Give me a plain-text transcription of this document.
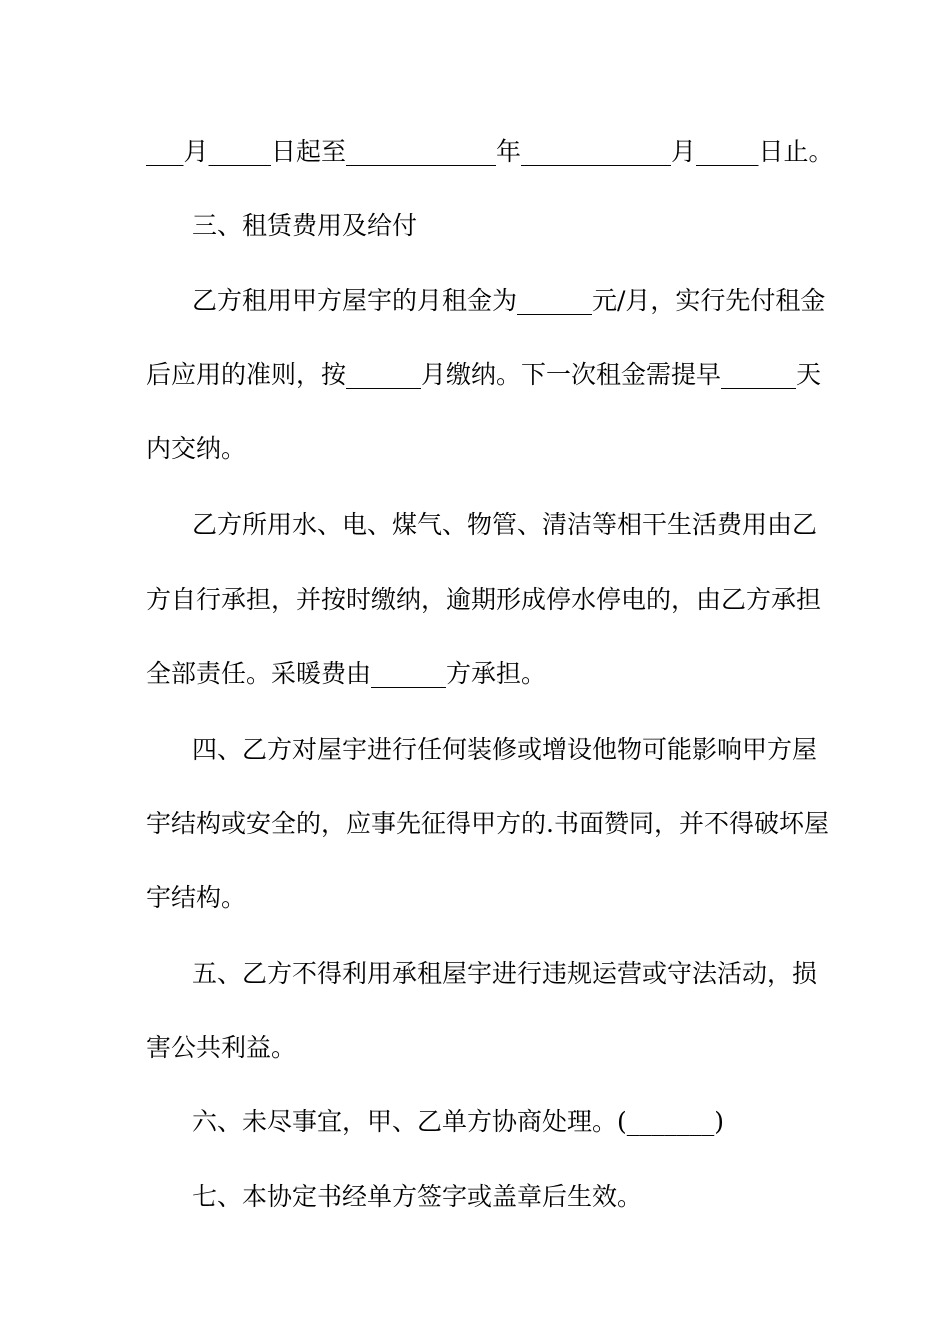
___月_____日起至____________年____________月_____日止。
三、租赁费用及给付
乙方租用甲方屋宇的月租金为______元/月，实行先付租金
后应用的准则，按______月缴纳。下一次租金需提早______天
内交纳。
乙方所用水、电、煤气、物管、清洁等相干生活费用由乙
方自行承担，并按时缴纳，逾期形成停水停电的，由乙方承担
全部责任。采暖费由______方承担。
四、乙方对屋宇进行任何装修或增设他物可能影响甲方屋
宇结构或安全的，应事先征得甲方的.书面赞同，并不得破坏屋
宇结构。
五、乙方不得利用承租屋宇进行违规运营或守法活动，损
害公共利益。
六、未尽事宜，甲、乙单方协商处理。(_______)
七、本协定书经单方签字或盖章后生效。
